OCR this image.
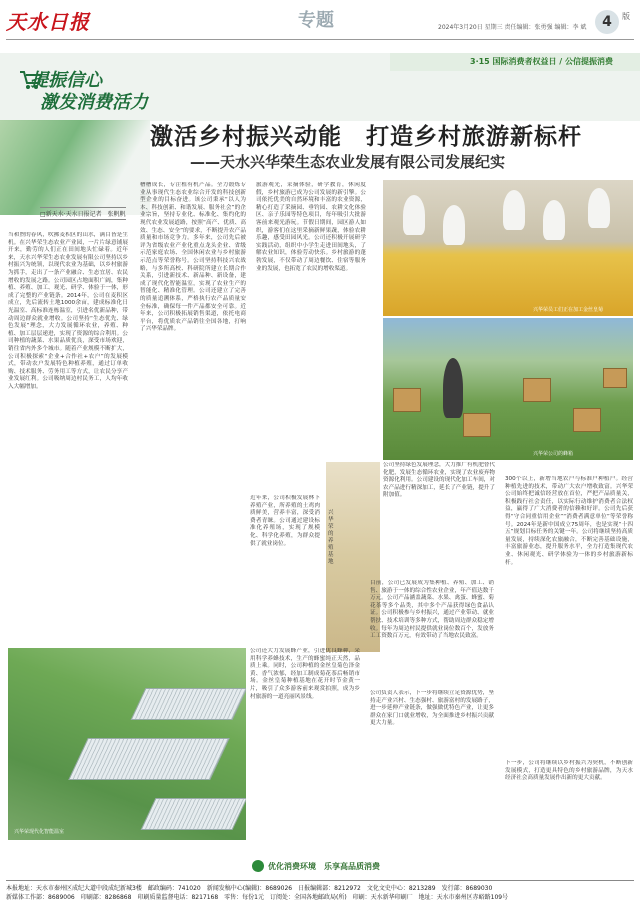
天水日报	专题	2024年3月20日 星期三 责任编辑：张勇强 编辑：李 斌	4	版
3·15 国际消费者权益日 / 公信提振消费
提振信心
激发消费活力
激活乡村振兴动能　打造乡村旅游新标杆
——天水兴华荣生态农业发展有限公司发展纪实
□新天水·天水日报记者　张帆帆
兴华荣员工们正在加工金丝皇菊
兴华荣公司的蜂箱
兴华荣的养殖基地
兴华荣现代化智能温室
当和煦的春风，吹拂麦积区的山水，满目皆是生机。在兴华荣生态农业产业园，一片片绿意铺展开来，勤劳的人们正在田间地头忙碌着。近年来，天水兴华荣生态农业发展有限公司坚持以乡村振兴为统领，以现代农业为基础，以乡村旅游为抓手，走出了一条产业融合、生态宜居、农民增收的发展之路。公司园区占地面积广阔，集种植、养殖、加工、观光、研学、体验于一体，形成了完整的产业链条。2014年，公司在麦积区成立，先后流转土地1000余亩，建成标准化日光温室、高标准连栋温室，引进名优新品种，带动周边群众就业增收。公司坚持“生态优先、绿色发展”理念，大力发展循环农业，养殖、种植、加工层层递进，实现了资源的综合利用。公司种植的蔬菜、水果品质优良，深受市场欢迎，销往省内外多个城市。随着产业规模不断扩大，公司积极探索“企业+合作社+农户”的发展模式，带动农户发展特色种植养殖，通过订单收购、技术服务、劳务用工等方式，让农民分享产业发展红利。公司吸纳周边村民务工，人均年收入大幅增加。
槽槽成长，专注植有机产品。全力锻炼专业从事现代生态农业综合开发的科技创新型企业的目标奋进。该公司秉承“以人为本、科技创新、和谐发展、服务社会”的企业宗旨，坚持专业化、标准化、集约化的现代农业发展道路，按照“高产、优质、高效、生态、安全”的要求，不断提升农产品质量和市场竞争力。多年来，公司先后被评为省级农业产业化重点龙头企业、省级示范家庭农场、全国休闲农业与乡村旅游示范点等荣誉称号。公司坚持科技兴农战略，与多所高校、科研院所建立长期合作关系，引进新技术、新品种、新设备，建成了现代化智能温室，实现了农业生产的智能化、精准化管理。公司还建立了完善的质量追溯体系，严格执行农产品质量安全标准，确保每一件产品都安全可靠。近年来，公司积极拓展销售渠道，依托电商平台，将优质农产品销往全国各地，打响了兴华荣品牌。
旅游观光，采摘体验，研学教育，休闲度假，乡村旅游已成为公司发展的新引擎。公司依托优美的自然环境和丰富的农业资源，精心打造了采摘园、垂钓园、农耕文化体验区、亲子乐园等特色项目，每年吸引大批游客前来观光游玩。节假日期间，园区游人如织，游客们在这里采摘新鲜果蔬，体验农耕乐趣，感受田园风光。公司还积极开展研学实践活动，组织中小学生走进田间地头，了解农业知识，体验劳动快乐。乡村旅游的蓬勃发展，不仅带动了周边餐饮、住宿等服务业的发展，也拓宽了农民的增收渠道。
近年来，公司积极发展林下养殖产业，所养殖的土鸡肉质鲜美，营养丰富，深受消费者青睐。公司通过建设标准化养殖场，实现了规模化、科学化养殖，为群众提供了就业岗位。
公司坚持绿色发展理念，大力推广有机肥替代化肥，发展生态循环农业，实现了农业废弃物资源化利用。公司建设的现代化加工车间，对农产品进行精深加工，延长了产业链，提升了附加值。
目前，公司已发展成为集种植、养殖、加工、销售、旅游于一体的综合性农业企业，年产值达数千万元。公司产品涵盖蔬菜、水果、禽蛋、蜂蜜、菊花茶等多个品类，其中多个产品获得绿色食品认证。公司积极参与乡村振兴，通过产业带动、就业帮扶、技术培训等多种方式，帮助周边群众稳定增收。每年为周边村民提供就业岗位数百个，发放务工工资数百万元，有效带动了当地农民致富。
300个以上，新增当地农户与标准户种植户。经营种植先进的技术，带动广大农户增收致富。兴华荣公司始终把诚信经营放在首位，严把产品质量关，积极践行社会责任，以实际行动维护消费者合法权益，赢得了广大消费者的信赖和好评。公司先后获得“守合同重信用企业”“消费者满意单位”等荣誉称号。2024年是新中国成立75周年，也是实现“十四五”规划目标任务的关键一年。公司将继续坚持高质量发展，持续深化农旅融合，不断完善基础设施，丰富旅游业态，提升服务水平，全力打造集现代农业、休闲观光、研学体验为一体的乡村旅游新标杆。
公司还大力发展蜂产业，引进优良蜂种，采用科学养蜂技术，生产的蜂蜜纯正天然，品质上乘。同时，公司种植的金丝皇菊色泽金黄、香气浓郁，经加工制成菊花茶后畅销市场。金丝皇菊种植基地在花开时节金黄一片，吸引了众多游客前来观赏拍照，成为乡村旅游的一道亮丽风景线。
公司负责人表示，下一步将继续立足资源优势，坚持走产业兴村、生态强村、旅游富村的发展路子，进一步延伸产业链条，做强做优特色产业，让更多群众在家门口就业增收，为全面推进乡村振兴贡献更大力量。
下一步，公司将继续以乡村振兴为契机，不断创新发展模式，打造更具特色的乡村旅游品牌，为天水经济社会高质量发展作出新的更大贡献。
优化消费环境　乐享高品质消费
本报地址：天水市秦州区成纪大道中段成纪新城3楼　邮政编码：741020　新闻发稿中心(编辑)：8689026　日报编辑部：8212972　文化文史中心：8213289　发行部：8689030
新媒体工作部：8689006　印刷部：8286868　印刷质量监督电话：8217168　零售：每份1元　订阅处：全国各地邮政局(所)　印刷：天水新华印刷厂　地址：天水市秦州区赤峪路109号
